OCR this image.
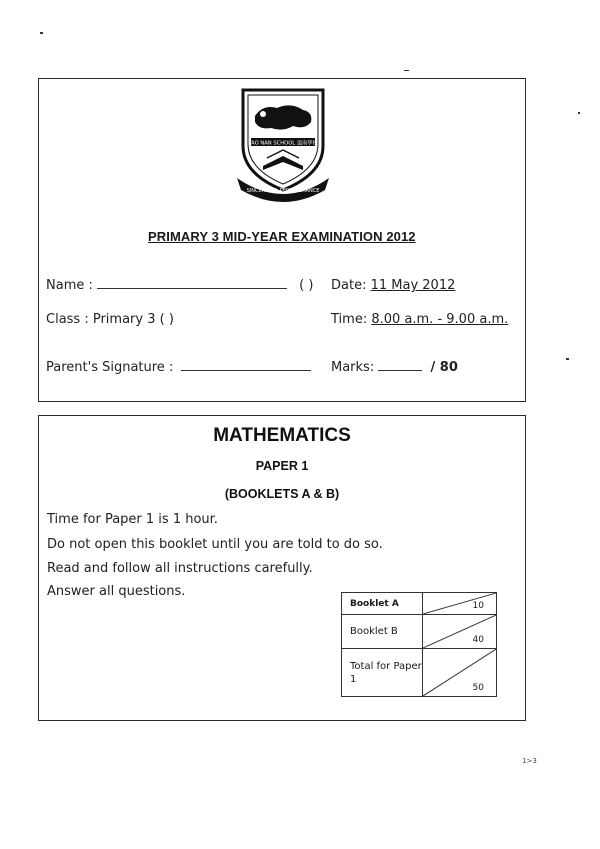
TAO NAN SCHOOL 道南學校
SINCERITY & PERSEVERANCE
PRIMARY 3 MID-YEAR EXAMINATION 2012
Name :	( ) Date: 11 May 2012
Class : Primary 3 ( )	Time: 8.00 a.m. - 9.00 a.m.
Parent's Signature :	Marks:	/ 80
MATHEMATICS
PAPER 1
(BOOKLETS A & B)
Time for Paper 1 is 1 hour.
Do not open this booklet until you are told to do so.
Read and follow all instructions carefully.
Answer all questions.
Booklet A	10

Booklet B	40

Total for Paper 1	50
1>3
